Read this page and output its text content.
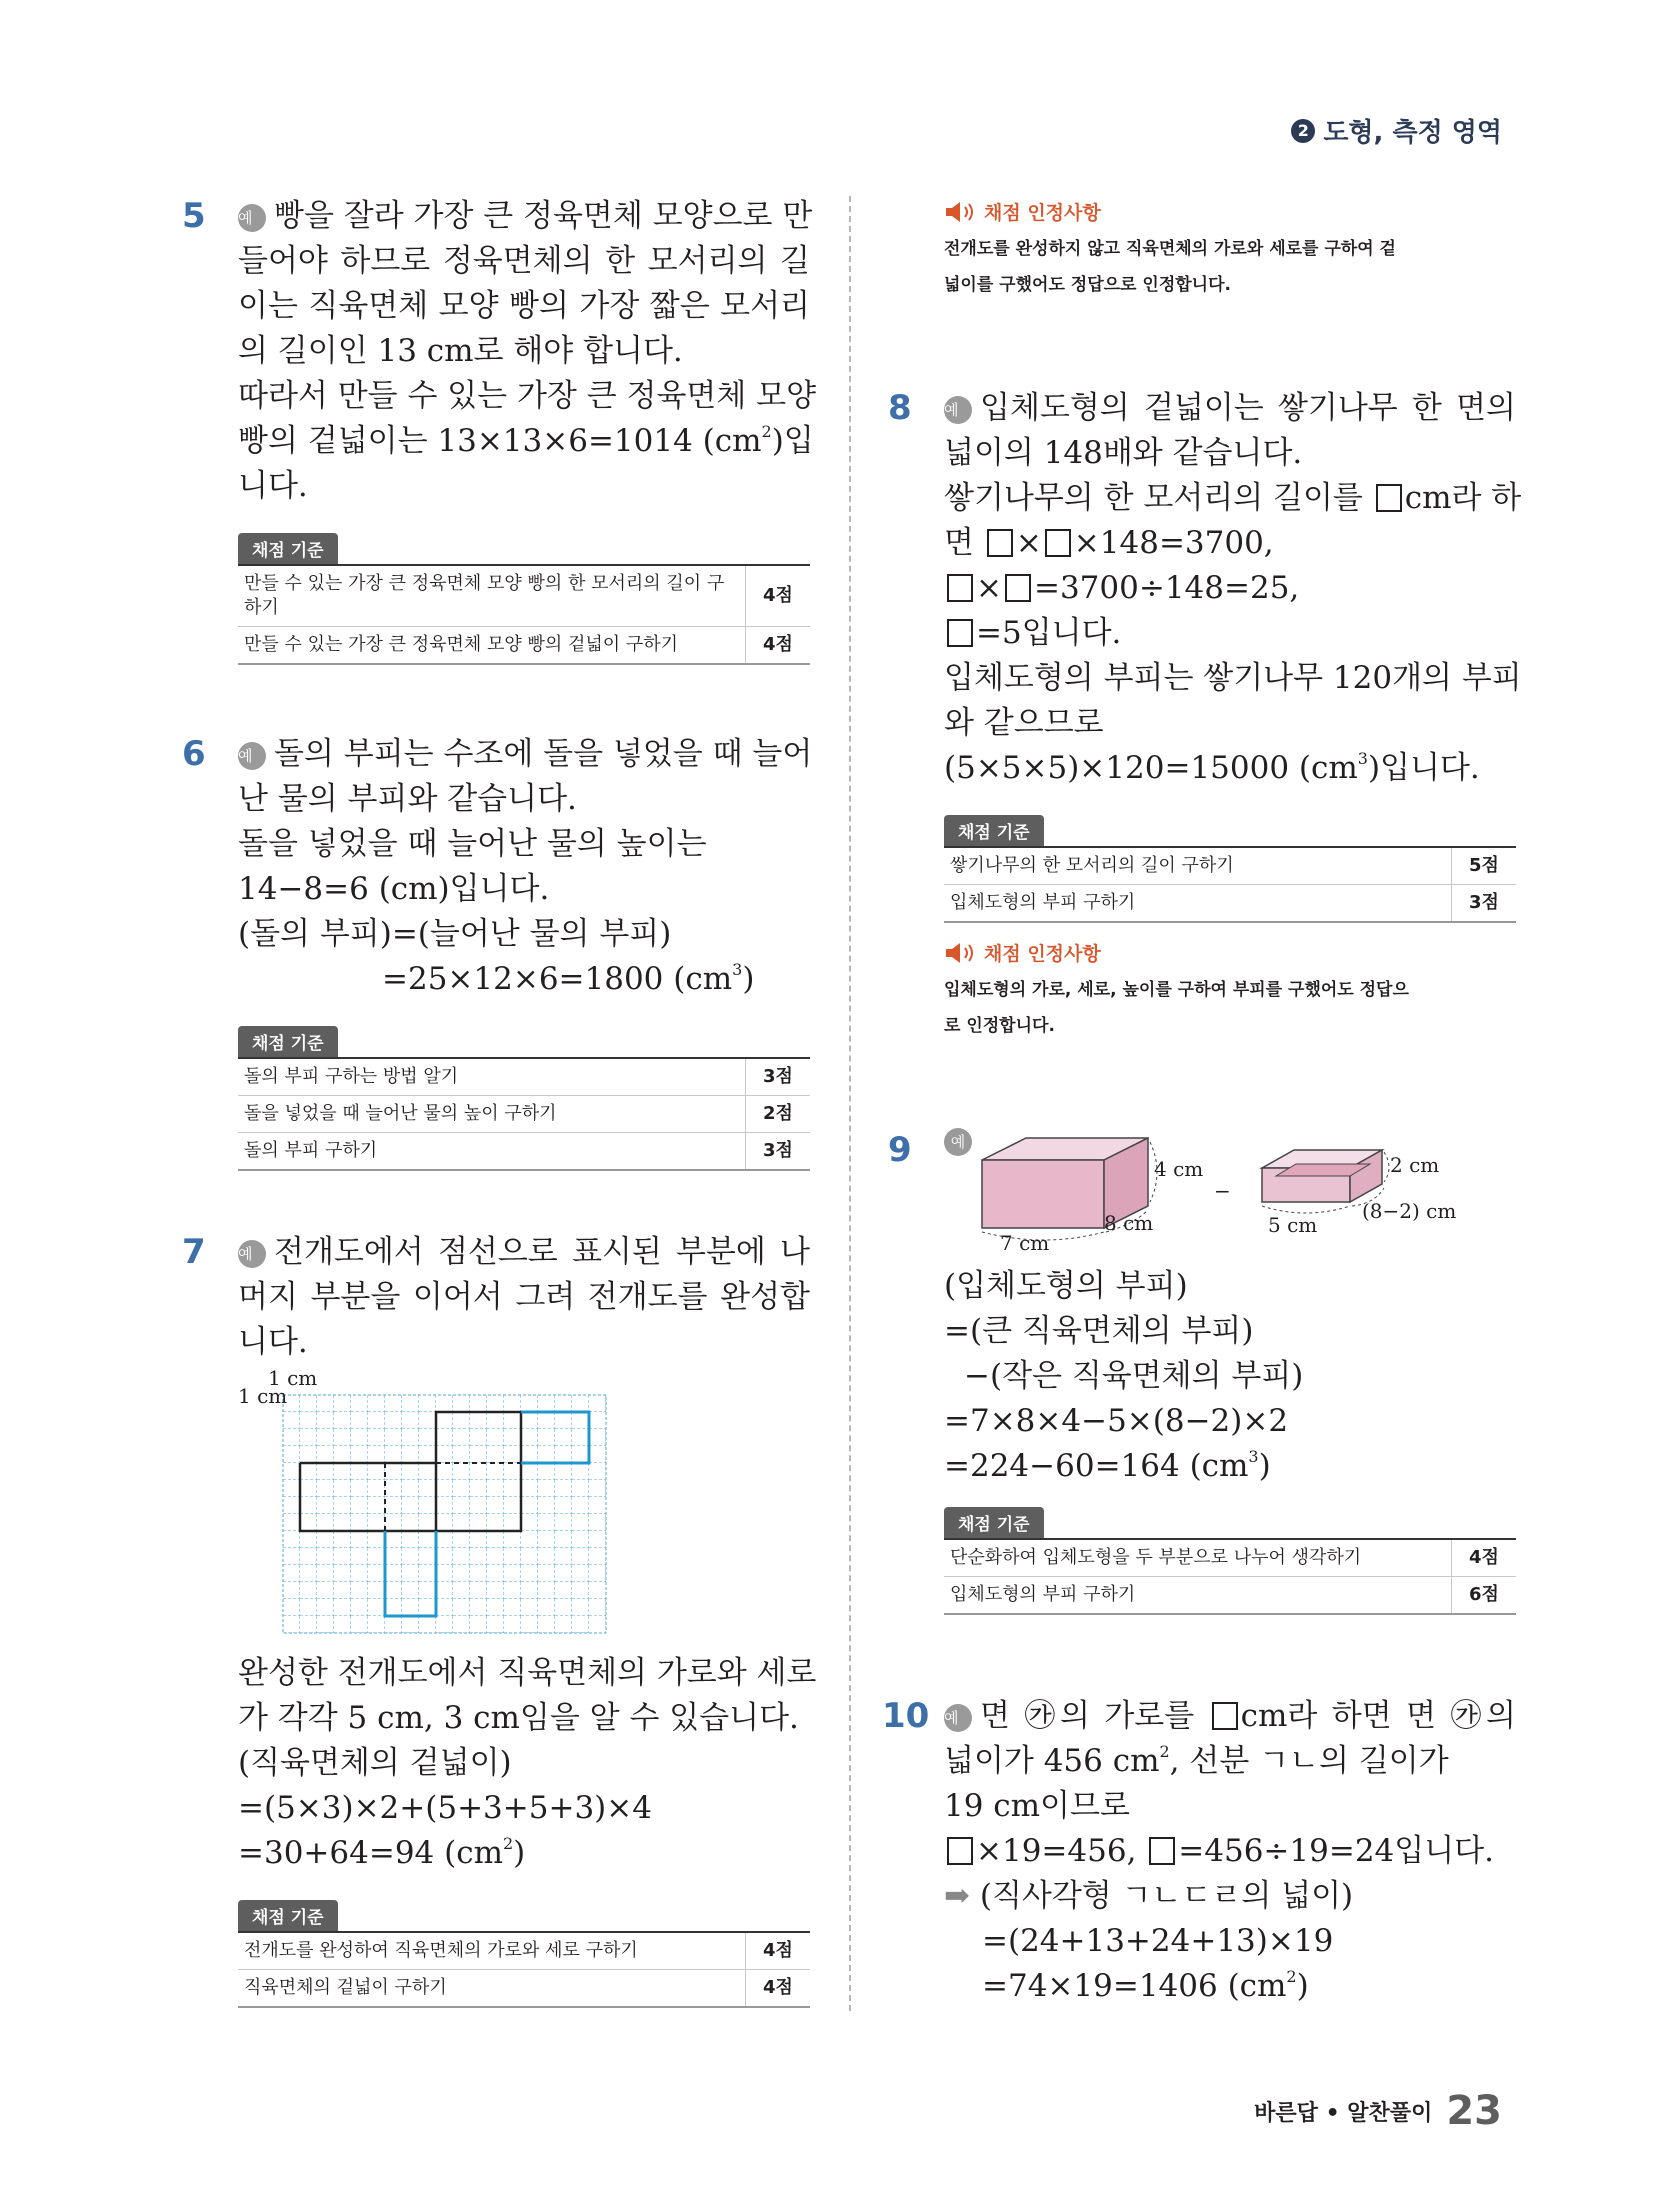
2 도형, 측정 영역
5 예 빵을 잘라 가장 큰 정육면체 모양으로 만
들어야 하므로 정육면체의 한 모서리의 길
이는 직육면체 모양 빵의 가장 짧은 모서리
의 길이인 13 cm로 해야 합니다.
따라서 만들 수 있는 가장 큰 정육면체 모양
빵의 겉넓이는 13×13×6=1014 $(cm^2)$입
니다.
채점 기준
만들 수 있는 가장 큰 정육면체 모양 빵의 한 모서리의 길이 구하기	4점
만들 수 있는 가장 큰 정육면체 모양 빵의 겉넓이 구하기	4점
6 예 돌의 부피는 수조에 돌을 넣었을 때 늘어
난 물의 부피와 같습니다.
돌을 넣었을 때 늘어난 물의 높이는
14−8=6 (cm)입니다.
(돌의 부피)=(늘어난 물의 부피)
=25×12×6=1800 $(cm^3)$
채점 기준
돌의 부피 구하는 방법 알기	3점
돌을 넣었을 때 늘어난 물의 높이 구하기	2점
돌의 부피 구하기	3점
7 예 전개도에서 점선으로 표시된 부분에 나
머지 부분을 이어서 그려 전개도를 완성합
니다.
1 cm
1 cm
완성한 전개도에서 직육면체의 가로와 세로
가 각각 5 cm, 3 cm임을 알 수 있습니다.
(직육면체의 겉넓이)
=(5×3)×2+(5+3+5+3)×4
=30+64=94 $(cm^2)$
채점 기준
전개도를 완성하여 직육면체의 가로와 세로 구하기	4점
직육면체의 겉넓이 구하기	4점
채점 인정사항
전개도를 완성하지 않고 직육면체의 가로와 세로를 구하여 겉
넓이를 구했어도 정답으로 인정합니다.
8 예 입체도형의 겉넓이는 쌓기나무 한 면의
넓이의 148배와 같습니다.
쌓기나무의 한 모서리의 길이를 cm라 하
면 × ×148=3700,
× =3700÷148=25,
=5입니다.
입체도형의 부피는 쌓기나무 120개의 부피
와 같으므로
(5×5×5)×120=15000 $(cm^3)$입니다.
채점 기준
쌓기나무의 한 모서리의 길이 구하기	5점
입체도형의 부피 구하기	3점
채점 인정사항
입체도형의 가로, 세로, 높이를 구하여 부피를 구했어도 정답으
로 인정합니다.
9	예
4 cm
8 cm
7 cm
−
2 cm
(8−2) cm
5 cm
(입체도형의 부피)
=(큰 직육면체의 부피)
−(작은 직육면체의 부피)
=7×8×4−5×(8−2)×2
=224−60=164 $(cm^3)$
채점 기준
단순화하여 입체도형을 두 부분으로 나누어 생각하기	4점
입체도형의 부피 구하기	6점
10 예 면 ㉮의 가로를 cm라 하면 면 ㉮의
넓이가 456 $cm^2$, 선분 ㄱㄴ의 길이가
19 cm이므로
×19=456, =456÷19=24입니다.
➡ (직사각형 ㄱㄴㄷㄹ의 넓이)
=(24+13+24+13)×19
=74×19=1406 $(cm^2)$
바른답 • 알찬풀이 23
